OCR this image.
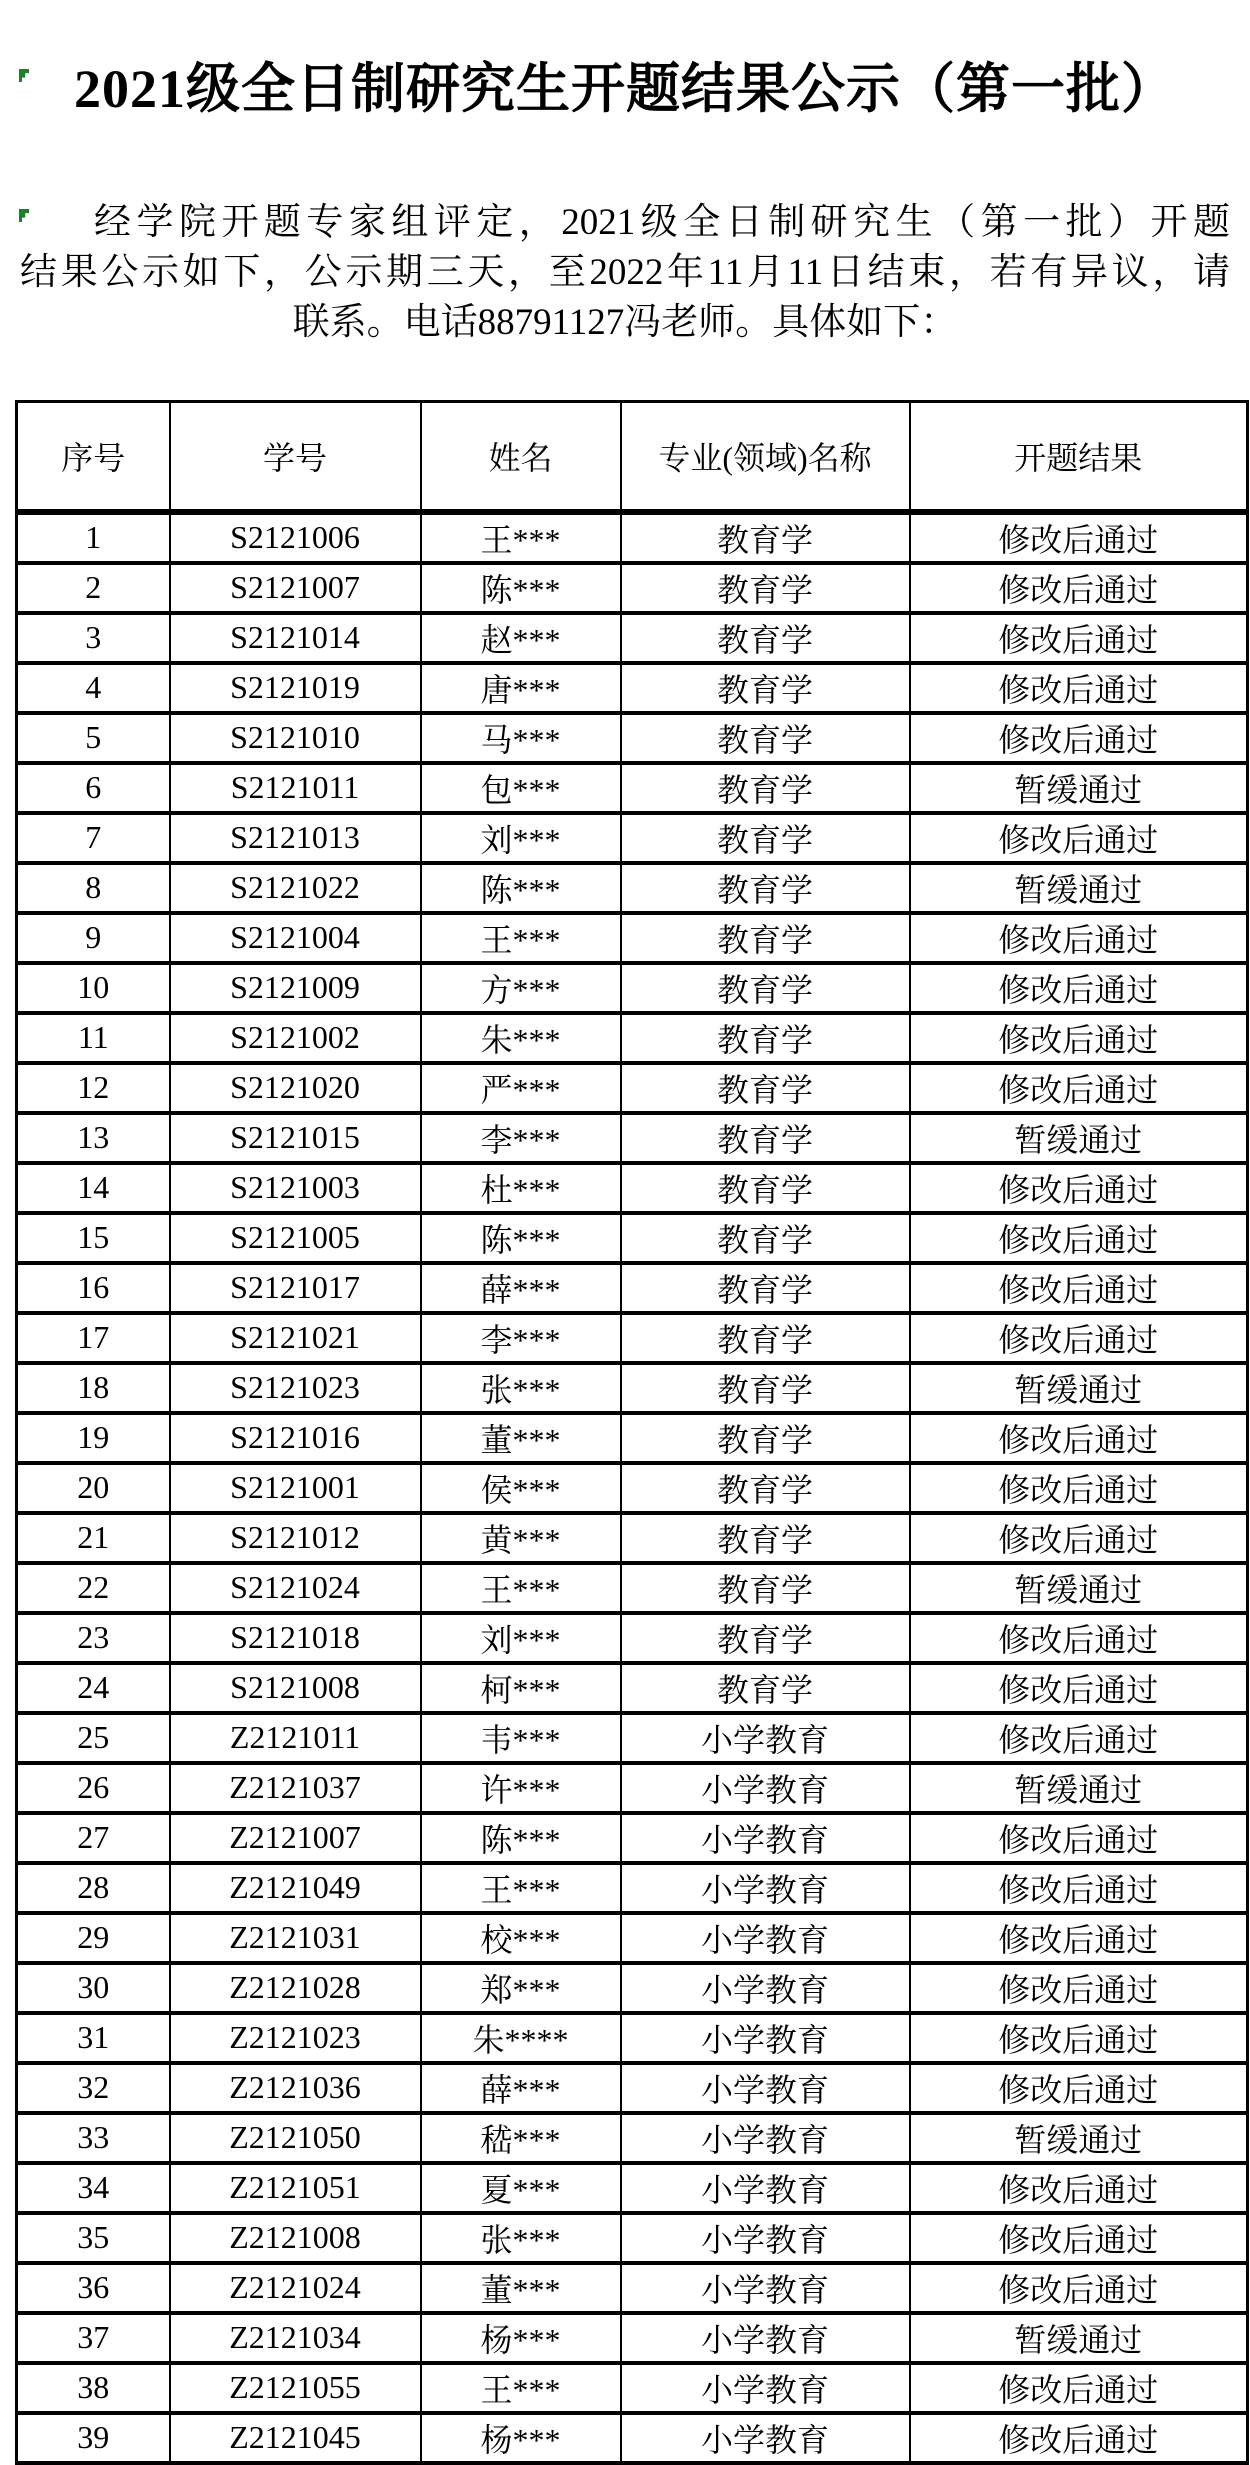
2021级全日制研究生开题结果公示（第一批）
经学院开题专家组评定，2021级全日制研究生（第一批）开题
结果公示如下，公示期三天，至2022年11月11日结束，若有异议，请
联系。电话88791127冯老师。具体如下：
序号	学号	姓名	专业(领域)名称	开题结果
1	S2121006	王***	教育学	修改后通过
2	S2121007	陈***	教育学	修改后通过
3	S2121014	赵***	教育学	修改后通过
4	S2121019	唐***	教育学	修改后通过
5	S2121010	马***	教育学	修改后通过
6	S2121011	包***	教育学	暂缓通过
7	S2121013	刘***	教育学	修改后通过
8	S2121022	陈***	教育学	暂缓通过
9	S2121004	王***	教育学	修改后通过
10	S2121009	方***	教育学	修改后通过
11	S2121002	朱***	教育学	修改后通过
12	S2121020	严***	教育学	修改后通过
13	S2121015	李***	教育学	暂缓通过
14	S2121003	杜***	教育学	修改后通过
15	S2121005	陈***	教育学	修改后通过
16	S2121017	薛***	教育学	修改后通过
17	S2121021	李***	教育学	修改后通过
18	S2121023	张***	教育学	暂缓通过
19	S2121016	董***	教育学	修改后通过
20	S2121001	侯***	教育学	修改后通过
21	S2121012	黄***	教育学	修改后通过
22	S2121024	王***	教育学	暂缓通过
23	S2121018	刘***	教育学	修改后通过
24	S2121008	柯***	教育学	修改后通过
25	Z2121011	韦***	小学教育	修改后通过
26	Z2121037	许***	小学教育	暂缓通过
27	Z2121007	陈***	小学教育	修改后通过
28	Z2121049	王***	小学教育	修改后通过
29	Z2121031	校***	小学教育	修改后通过
30	Z2121028	郑***	小学教育	修改后通过
31	Z2121023	朱****	小学教育	修改后通过
32	Z2121036	薛***	小学教育	修改后通过
33	Z2121050	嵇***	小学教育	暂缓通过
34	Z2121051	夏***	小学教育	修改后通过
35	Z2121008	张***	小学教育	修改后通过
36	Z2121024	董***	小学教育	修改后通过
37	Z2121034	杨***	小学教育	暂缓通过
38	Z2121055	王***	小学教育	修改后通过
39	Z2121045	杨***	小学教育	修改后通过
